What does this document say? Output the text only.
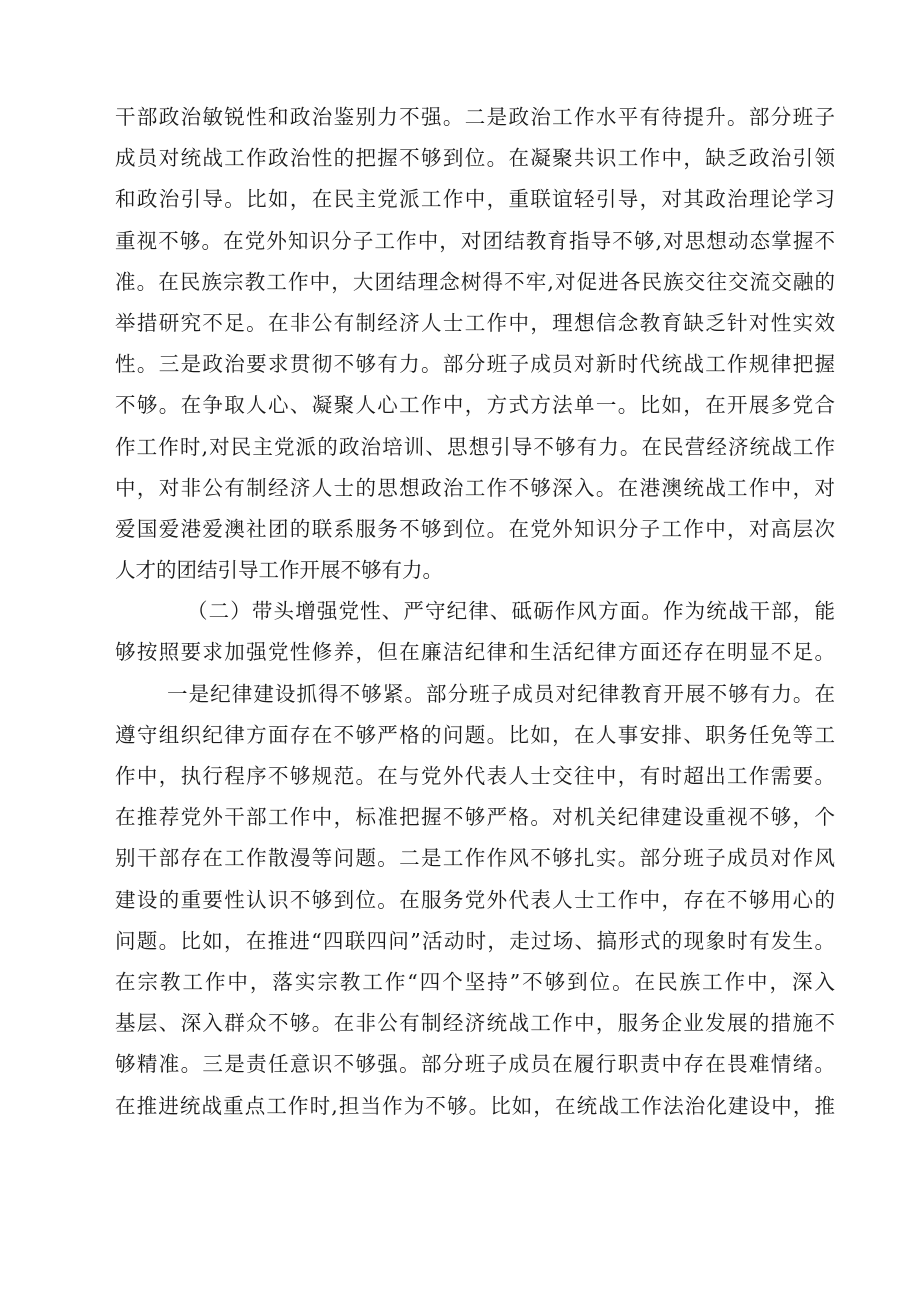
干部政治敏锐性和政治鉴别力不强。二是政治工作水平有待提升。部分班子
成员对统战工作政治性的把握不够到位。在凝聚共识工作中，缺乏政治引领
和政治引导。比如，在民主党派工作中，重联谊轻引导，对其政治理论学习
重视不够。在党外知识分子工作中，对团结教育指导不够,对思想动态掌握不
准。在民族宗教工作中，大团结理念树得不牢,对促进各民族交往交流交融的
举措研究不足。在非公有制经济人士工作中，理想信念教育缺乏针对性实效
性。三是政治要求贯彻不够有力。部分班子成员对新时代统战工作规律把握
不够。在争取人心、凝聚人心工作中，方式方法单一。比如，在开展多党合
作工作时,对民主党派的政治培训、思想引导不够有力。在民营经济统战工作
中，对非公有制经济人士的思想政治工作不够深入。在港澳统战工作中，对
爱国爱港爱澳社团的联系服务不够到位。在党外知识分子工作中，对高层次
人才的团结引导工作开展不够有力。
（二）带头增强党性、严守纪律、砥砺作风方面。作为统战干部，能
够按照要求加强党性修养，但在廉洁纪律和生活纪律方面还存在明显不足。
一是纪律建设抓得不够紧。部分班子成员对纪律教育开展不够有力。在
遵守组织纪律方面存在不够严格的问题。比如，在人事安排、职务任免等工
作中，执行程序不够规范。在与党外代表人士交往中，有时超出工作需要。
在推荐党外干部工作中，标准把握不够严格。对机关纪律建设重视不够，个
别干部存在工作散漫等问题。二是工作作风不够扎实。部分班子成员对作风
建设的重要性认识不够到位。在服务党外代表人士工作中，存在不够用心的
问题。比如，在推进“四联四问”活动时，走过场、搞形式的现象时有发生。
在宗教工作中，落实宗教工作“四个坚持”不够到位。在民族工作中，深入
基层、深入群众不够。在非公有制经济统战工作中，服务企业发展的措施不
够精准。三是责任意识不够强。部分班子成员在履行职责中存在畏难情绪。
在推进统战重点工作时,担当作为不够。比如，在统战工作法治化建设中，推
